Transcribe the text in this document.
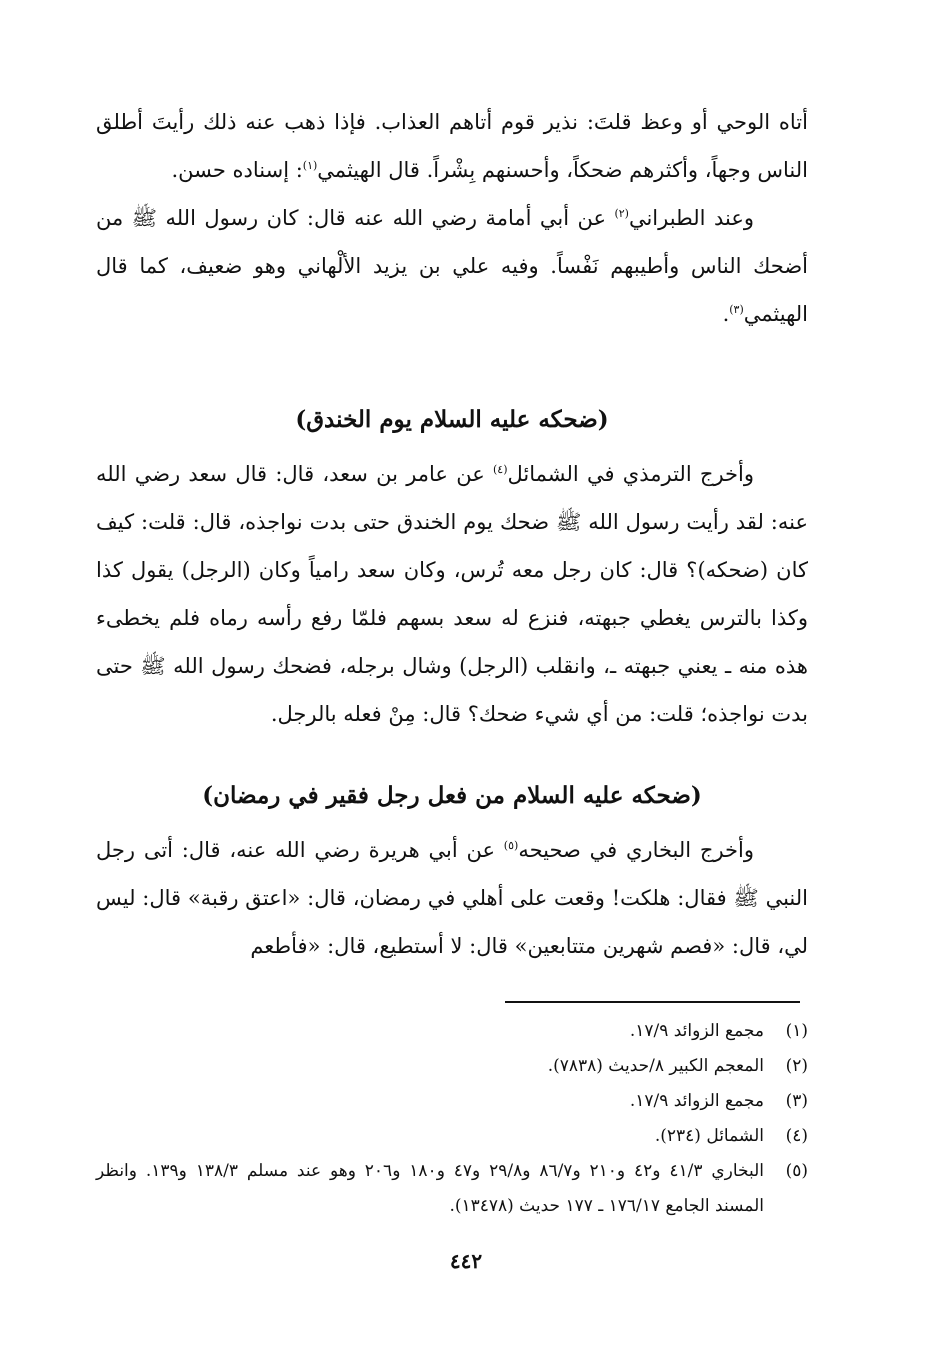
أتاه الوحي أو وعظ قلتَ: نذير قوم أتاهم العذاب. فإذا ذهب عنه ذلك رأيتَ أطلق الناس وجهاً، وأكثرهم ضحكاً، وأحسنهم بِشْراً. قال الهيثمي$^{(١)}$: إسناده حسن.

وعند الطبراني$^{(٢)}$ عن أبي أمامة رضي الله عنه قال: كان رسول الله ﷺ من أضحك الناس وأطيبهم نَفْساً. وفيه علي بن يزيد الألْهاني وهو ضعيف، كما قال الهيثمي$^{(٣)}$.

(ضحكه عليه السلام يوم الخندق)

وأخرج الترمذي في الشمائل$^{(٤)}$ عن عامر بن سعد، قال: قال سعد رضي الله عنه: لقد رأيت رسول الله ﷺ ضحك يوم الخندق حتى بدت نواجذه، قال: قلت: كيف كان (ضحكه)؟ قال: كان رجل معه تُرس، وكان سعد رامياً وكان (الرجل) يقول كذا وكذا بالترس يغطي جبهته، فنزع له سعد بسهم فلمّا رفع رأسه رماه فلم يخطىء هذه منه ـ يعني جبهته ـ، وانقلب (الرجل) وشال برجله، فضحك رسول الله ﷺ حتى بدت نواجذه؛ قلت: من أي شيء ضحك؟ قال: مِنْ فعله بالرجل.

(ضحكه عليه السلام من فعل رجل فقير في رمضان)

وأخرج البخاري في صحيحه$^{(٥)}$ عن أبي هريرة رضي الله عنه، قال: أتى رجل النبي ﷺ فقال: هلكت! وقعت على أهلي في رمضان، قال: «اعتق رقبة» قال: ليس لي، قال: «فصم شهرين متتابعين» قال: لا أستطيع، قال: «فأطعم

(١)
مجمع الزوائد ١٧/٩.
(٢)
المعجم الكبير ٨/حديث (٧٨٣٨).
(٣)
مجمع الزوائد ١٧/٩.
(٤)
الشمائل (٢٣٤).
(٥)
البخاري ٤١/٣ و٤٢ و٢١٠ و٨٦/٧ و٢٩/٨ و٤٧ و١٨٠ و٢٠٦ وهو عند مسلم ١٣٨/٣ و١٣٩. وانظر المسند الجامع ١٧٦/١٧ ـ ١٧٧ حديث (١٣٤٧٨).
٤٤٢
